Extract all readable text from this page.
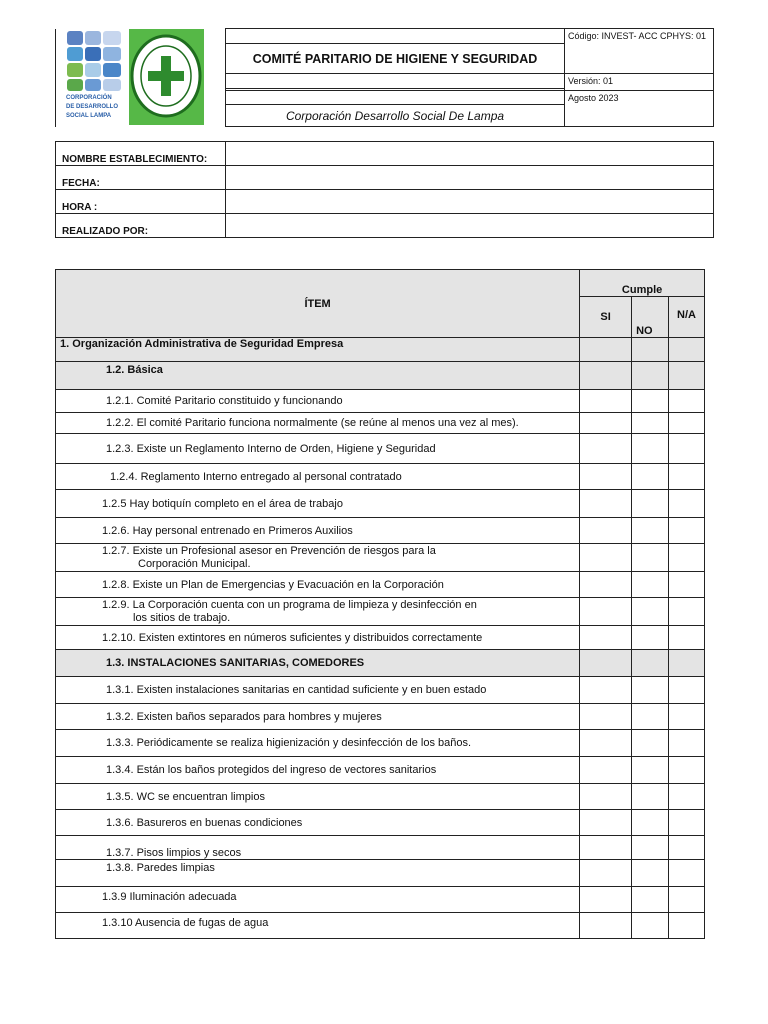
CORPORACIÓN
DE DESARROLLO
SOCIAL LAMPA		Código: INVEST- ACC CPHYS: 01
	COMITÉ PARITARIO DE HIGIENE Y SEGURIDAD	
		Versión: 01

		Agosto 2023
	Corporación Desarrollo Social De Lampa	
NOMBRE ESTABLECIMIENTO:	
FECHA:	
HORA :	
REALIZADO POR:	
ÍTEM	Cumple		
	SI	NO	N/A
1. Organización Administrativa de Seguridad Empresa			
1.2. Básica			
1.2.1. Comité Paritario constituido y funcionando			
1.2.2. El comité Paritario funciona normalmente (se reúne al menos una vez al mes).			
1.2.3. Existe un Reglamento Interno de Orden, Higiene y Seguridad			
1.2.4. Reglamento Interno entregado al personal contratado			
1.2.5 Hay botiquín completo en el área de trabajo			
1.2.6. Hay personal entrenado en Primeros Auxilios			
1.2.7. Existe un Profesional asesor en Prevención de riesgos para la

Corporación Municipal.			

1.2.8. Existe un Plan de Emergencias y Evacuación en la Corporación			
1.2.9. La Corporación cuenta con un programa de limpieza y desinfección en

los sitios de trabajo.			

1.2.10. Existen extintores en números suficientes y distribuidos correctamente			
1.3. INSTALACIONES SANITARIAS, COMEDORES			
1.3.1. Existen instalaciones sanitarias en cantidad suficiente y en buen estado			
1.3.2. Existen baños separados para hombres y mujeres			
1.3.3. Periódicamente se realiza higienización y desinfección de los baños.			
1.3.4. Están los baños protegidos del ingreso de vectores sanitarios			
1.3.5. WC se encuentran limpios			
1.3.6. Basureros en buenas condiciones			
1.3.7. Pisos limpios y secos			
1.3.8. Paredes limpias			
1.3.9 Iluminación adecuada			
1.3.10 Ausencia de fugas de agua			
